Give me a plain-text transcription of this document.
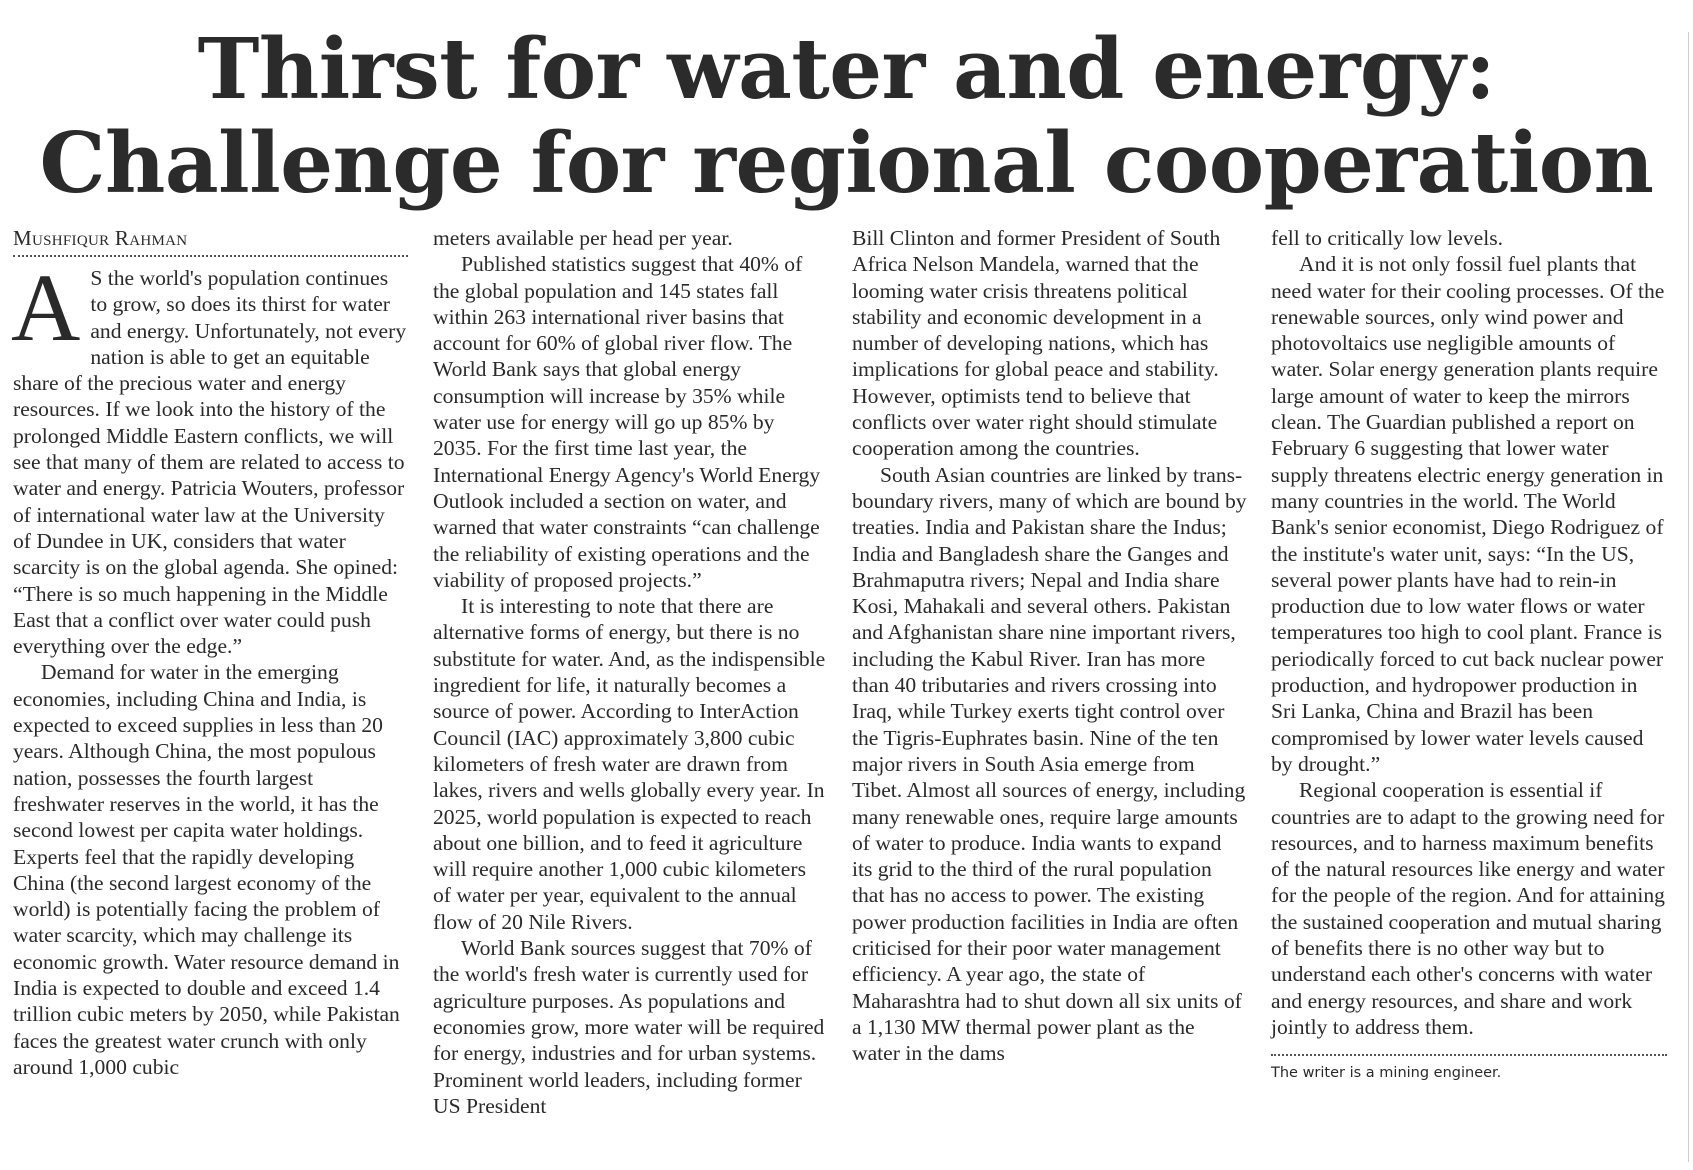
Thirst for water and energy: Challenge for regional cooperation
Mushfiqur Rahman

A S the world's population continues to grow, so does its thirst for water and energy. Unfortunately, not every nation is able to get an equitable share of the precious water and energy resources. If we look into the history of the prolonged Middle Eastern conflicts, we will see that many of them are related to access to water and energy. Patricia Wouters, professor of international water law at the University of Dundee in UK, considers that water scarcity is on the global agenda. She opined: “There is so much happening in the Middle East that a conflict over water could push everything over the edge.”

Demand for water in the emerging economies, including China and India, is expected to exceed supplies in less than 20 years. Although China, the most populous nation, possesses the fourth largest freshwater reserves in the world, it has the second lowest per capita water holdings. Experts feel that the rapidly developing China (the second largest economy of the world) is potentially facing the problem of water scarcity, which may challenge its economic growth. Water resource demand in India is expected to double and exceed 1.4 trillion cubic meters by 2050, while Pakistan faces the greatest water crunch with only around 1,000 cubic

meters available per head per year.

Published statistics suggest that 40% of the global population and 145 states fall within 263 international river basins that account for 60% of global river flow. The World Bank says that global energy consumption will increase by 35% while water use for energy will go up 85% by 2035. For the first time last year, the International Energy Agency's World Energy Outlook included a section on water, and warned that water constraints “can challenge the reliability of existing operations and the viability of proposed projects.”

It is interesting to note that there are alternative forms of energy, but there is no substitute for water. And, as the indispensible ingredient for life, it naturally becomes a source of power. According to InterAction Council (IAC) approximately 3,800 cubic kilometers of fresh water are drawn from lakes, rivers and wells globally every year. In 2025, world population is expected to reach about one billion, and to feed it agriculture will require another 1,000 cubic kilometers of water per year, equivalent to the annual flow of 20 Nile Rivers.

World Bank sources suggest that 70% of the world's fresh water is currently used for agriculture purposes. As populations and economies grow, more water will be required for energy, industries and for urban systems. Prominent world leaders, including former US President

Bill Clinton and former President of South Africa Nelson Mandela, warned that the looming water crisis threatens political stability and economic development in a number of developing nations, which has implications for global peace and stability. However, optimists tend to believe that conflicts over water right should stimulate cooperation among the countries.

South Asian countries are linked by trans-boundary rivers, many of which are bound by treaties. India and Pakistan share the Indus; India and Bangladesh share the Ganges and Brahmaputra rivers; Nepal and India share Kosi, Mahakali and several others. Pakistan and Afghanistan share nine important rivers, including the Kabul River. Iran has more than 40 tributaries and rivers crossing into Iraq, while Turkey exerts tight control over the Tigris-Euphrates basin. Nine of the ten major rivers in South Asia emerge from Tibet. Almost all sources of energy, including many renewable ones, require large amounts of water to produce. India wants to expand its grid to the third of the rural population that has no access to power. The existing power production facilities in India are often criticised for their poor water management efficiency. A year ago, the state of Maharashtra had to shut down all six units of a 1,130 MW thermal power plant as the water in the dams

fell to critically low levels.

And it is not only fossil fuel plants that need water for their cooling processes. Of the renewable sources, only wind power and photovoltaics use negligible amounts of water. Solar energy generation plants require large amount of water to keep the mirrors clean. The Guardian published a report on February 6 suggesting that lower water supply threatens electric energy generation in many countries in the world. The World Bank's senior economist, Diego Rodriguez of the institute's water unit, says: “In the US, several power plants have had to rein-in production due to low water flows or water temperatures too high to cool plant. France is periodically forced to cut back nuclear power production, and hydropower production in Sri Lanka, China and Brazil has been compromised by lower water levels caused by drought.”

Regional cooperation is essential if countries are to adapt to the growing need for resources, and to harness maximum benefits of the natural resources like energy and water for the people of the region. And for attaining the sustained cooperation and mutual sharing of benefits there is no other way but to understand each other's concerns with water and energy resources, and share and work jointly to address them.

The writer is a mining engineer.
